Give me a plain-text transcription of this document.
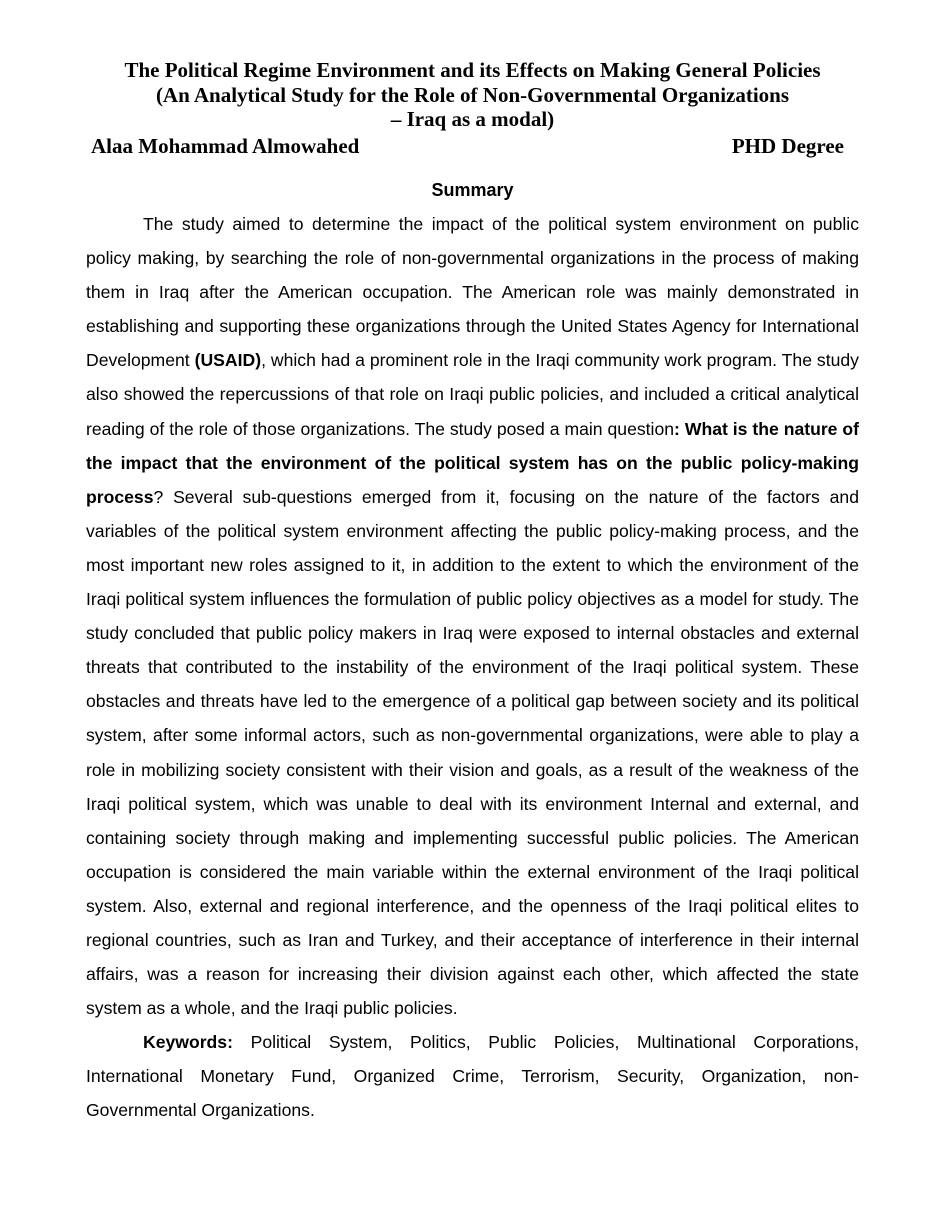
The Political Regime Environment and its Effects on Making General Policies
(An Analytical Study for the Role of Non-Governmental Organizations
– Iraq as a modal)
Alaa Mohammad Almowahed	PHD Degree
Summary

The study aimed to determine the impact of the political system environment on public policy making, by searching the role of non-governmental organizations in the process of making them in Iraq after the American occupation. The American role was mainly demonstrated in establishing and supporting these organizations through the United States Agency for International Development (USAID), which had a prominent role in the Iraqi community work program. The study also showed the repercussions of that role on Iraqi public policies, and included a critical analytical reading of the role of those organizations. The study posed a main question: What is the nature of the impact that the environment of the political system has on the public policy-making process? Several sub-questions emerged from it, focusing on the nature of the factors and variables of the political system environment affecting the public policy-making process, and the most important new roles assigned to it, in addition to the extent to which the environment of the Iraqi political system influences the formulation of public policy objectives as a model for study. The study concluded that public policy makers in Iraq were exposed to internal obstacles and external threats that contributed to the instability of the environment of the Iraqi political system. These obstacles and threats have led to the emergence of a political gap between society and its political system, after some informal actors, such as non-governmental organizations, were able to play a role in mobilizing society consistent with their vision and goals, as a result of the weakness of the Iraqi political system, which was unable to deal with its environment Internal and external, and containing society through making and implementing successful public policies. The American occupation is considered the main variable within the external environment of the Iraqi political system. Also, external and regional interference, and the openness of the Iraqi political elites to regional countries, such as Iran and Turkey, and their acceptance of interference in their internal affairs, was a reason for increasing their division against each other, which affected the state system as a whole, and the Iraqi public policies.

Keywords: Political System, Politics, Public Policies, Multinational Corporations, International Monetary Fund, Organized Crime, Terrorism, Security, Organization, non-Governmental Organizations.
